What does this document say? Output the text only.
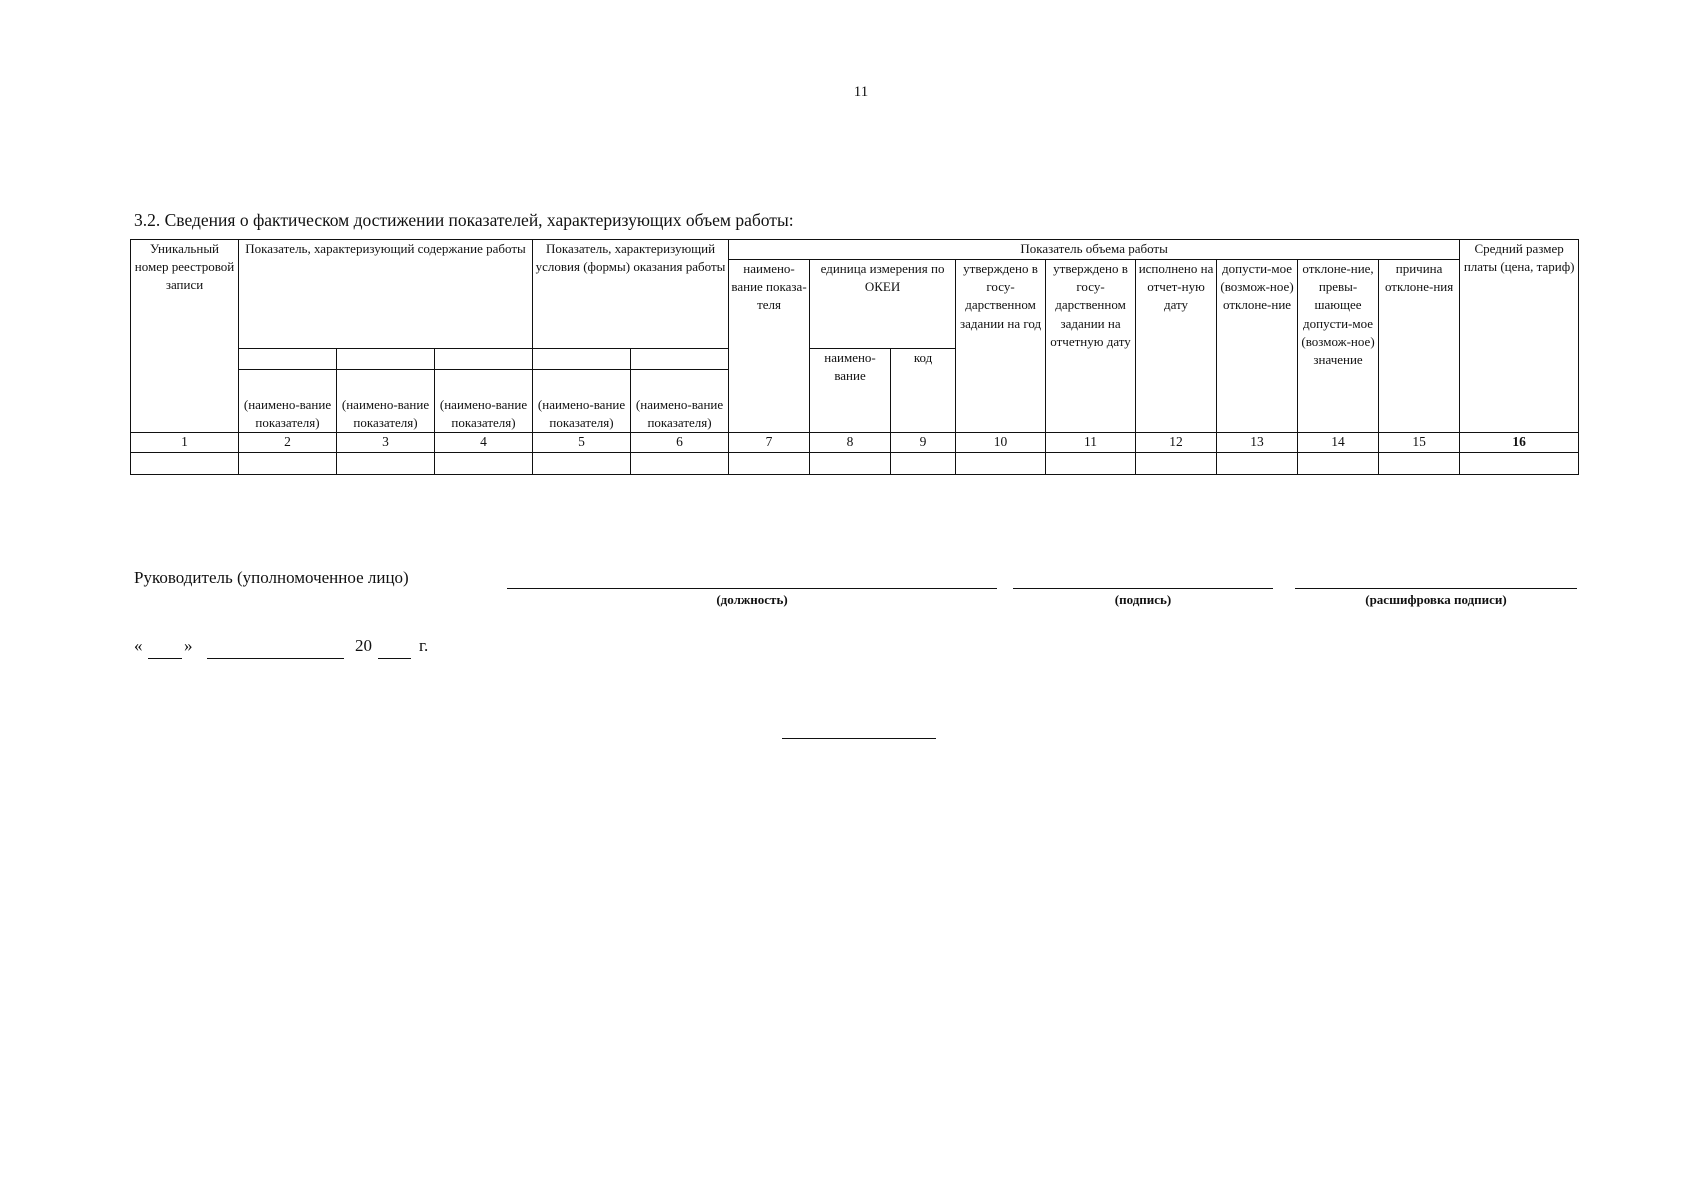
11
3.2. Сведения о фактическом достижении показателей, характеризующих объем работы:
Уникальный номер реестровой записи	Показатель, характеризующий содержание работы			Показатель, характеризующий условия (формы) оказания работы		Показатель объема работы									Средний размер платы (цена, тариф)
						наимено-вание показа-теля	единица измерения по ОКЕИ		утверждено в госу-дарственном задании на год	утверждено в госу-дарственном задании на отчетную дату	исполнено на отчет-ную дату	допусти-мое (возмож-ное) отклоне-ние	отклоне-ние, превы-шающее допусти-мое (возмож-ное) значение	причина отклоне-ния	
							наимено-вание	код							
	(наимено-вание показателя)	(наимено-вание показателя)	(наимено-вание показателя)	(наимено-вание показателя)	(наимено-вание показателя)										
1	2	3	4	5	6	7	8	9	10	11	12	13	14	15	16

Руководитель (уполномоченное лицо)
(должность)	(подпись)	(расшифровка подписи)
« »	20	г.
